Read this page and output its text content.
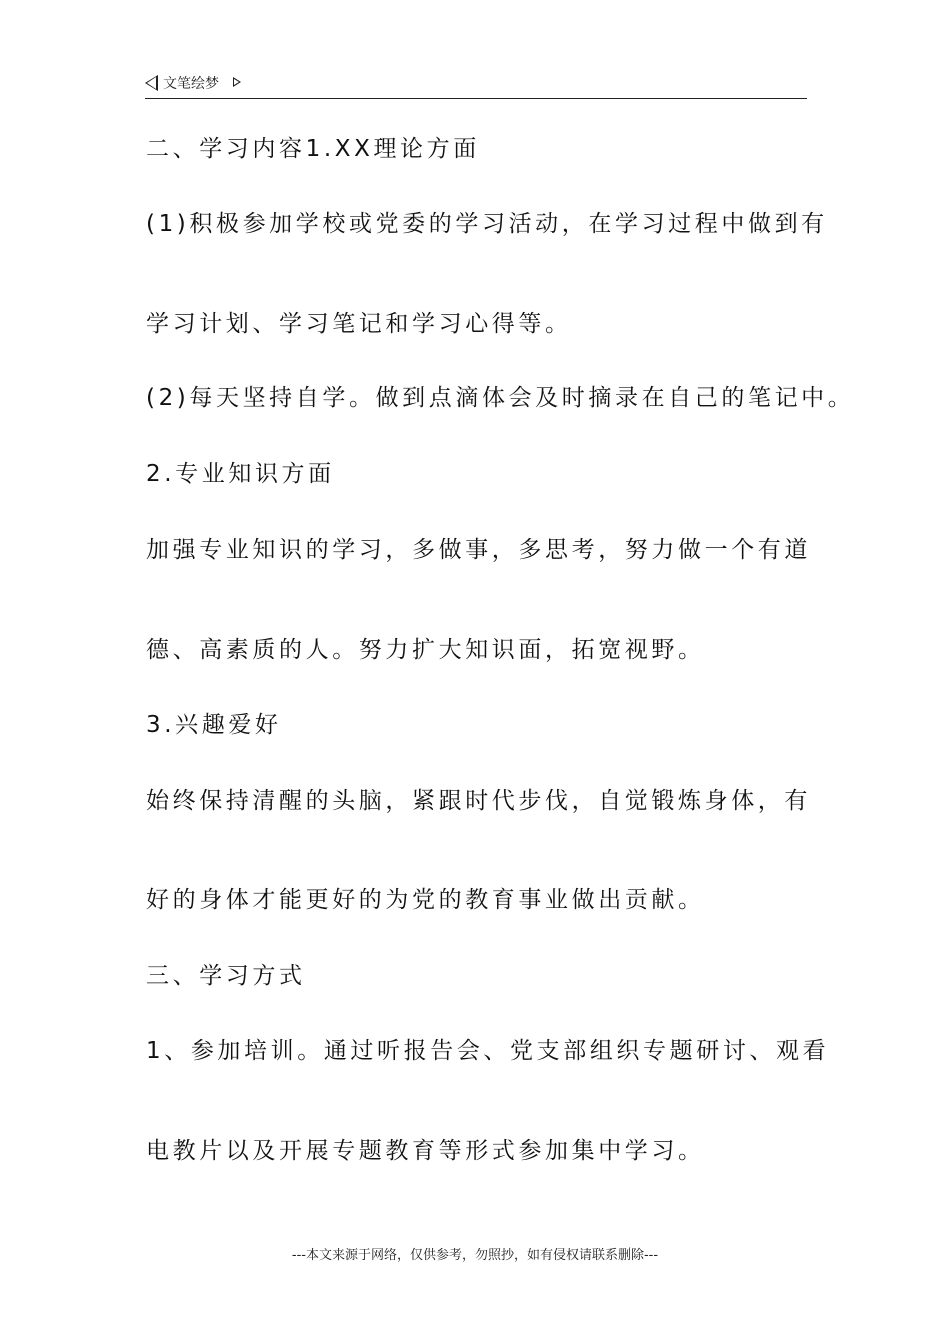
文笔绘梦
二、学习内容1.XX理论方面
(1)积极参加学校或党委的学习活动，在学习过程中做到有
学习计划、学习笔记和学习心得等。
(2)每天坚持自学。做到点滴体会及时摘录在自己的笔记中。
2.专业知识方面
加强专业知识的学习，多做事，多思考，努力做一个有道
德、高素质的人。努力扩大知识面，拓宽视野。
3.兴趣爱好
始终保持清醒的头脑，紧跟时代步伐，自觉锻炼身体，有
好的身体才能更好的为党的教育事业做出贡献。
三、学习方式
1、参加培训。通过听报告会、党支部组织专题研讨、观看
电教片以及开展专题教育等形式参加集中学习。
---本文来源于网络，仅供参考，勿照抄，如有侵权请联系删除---
